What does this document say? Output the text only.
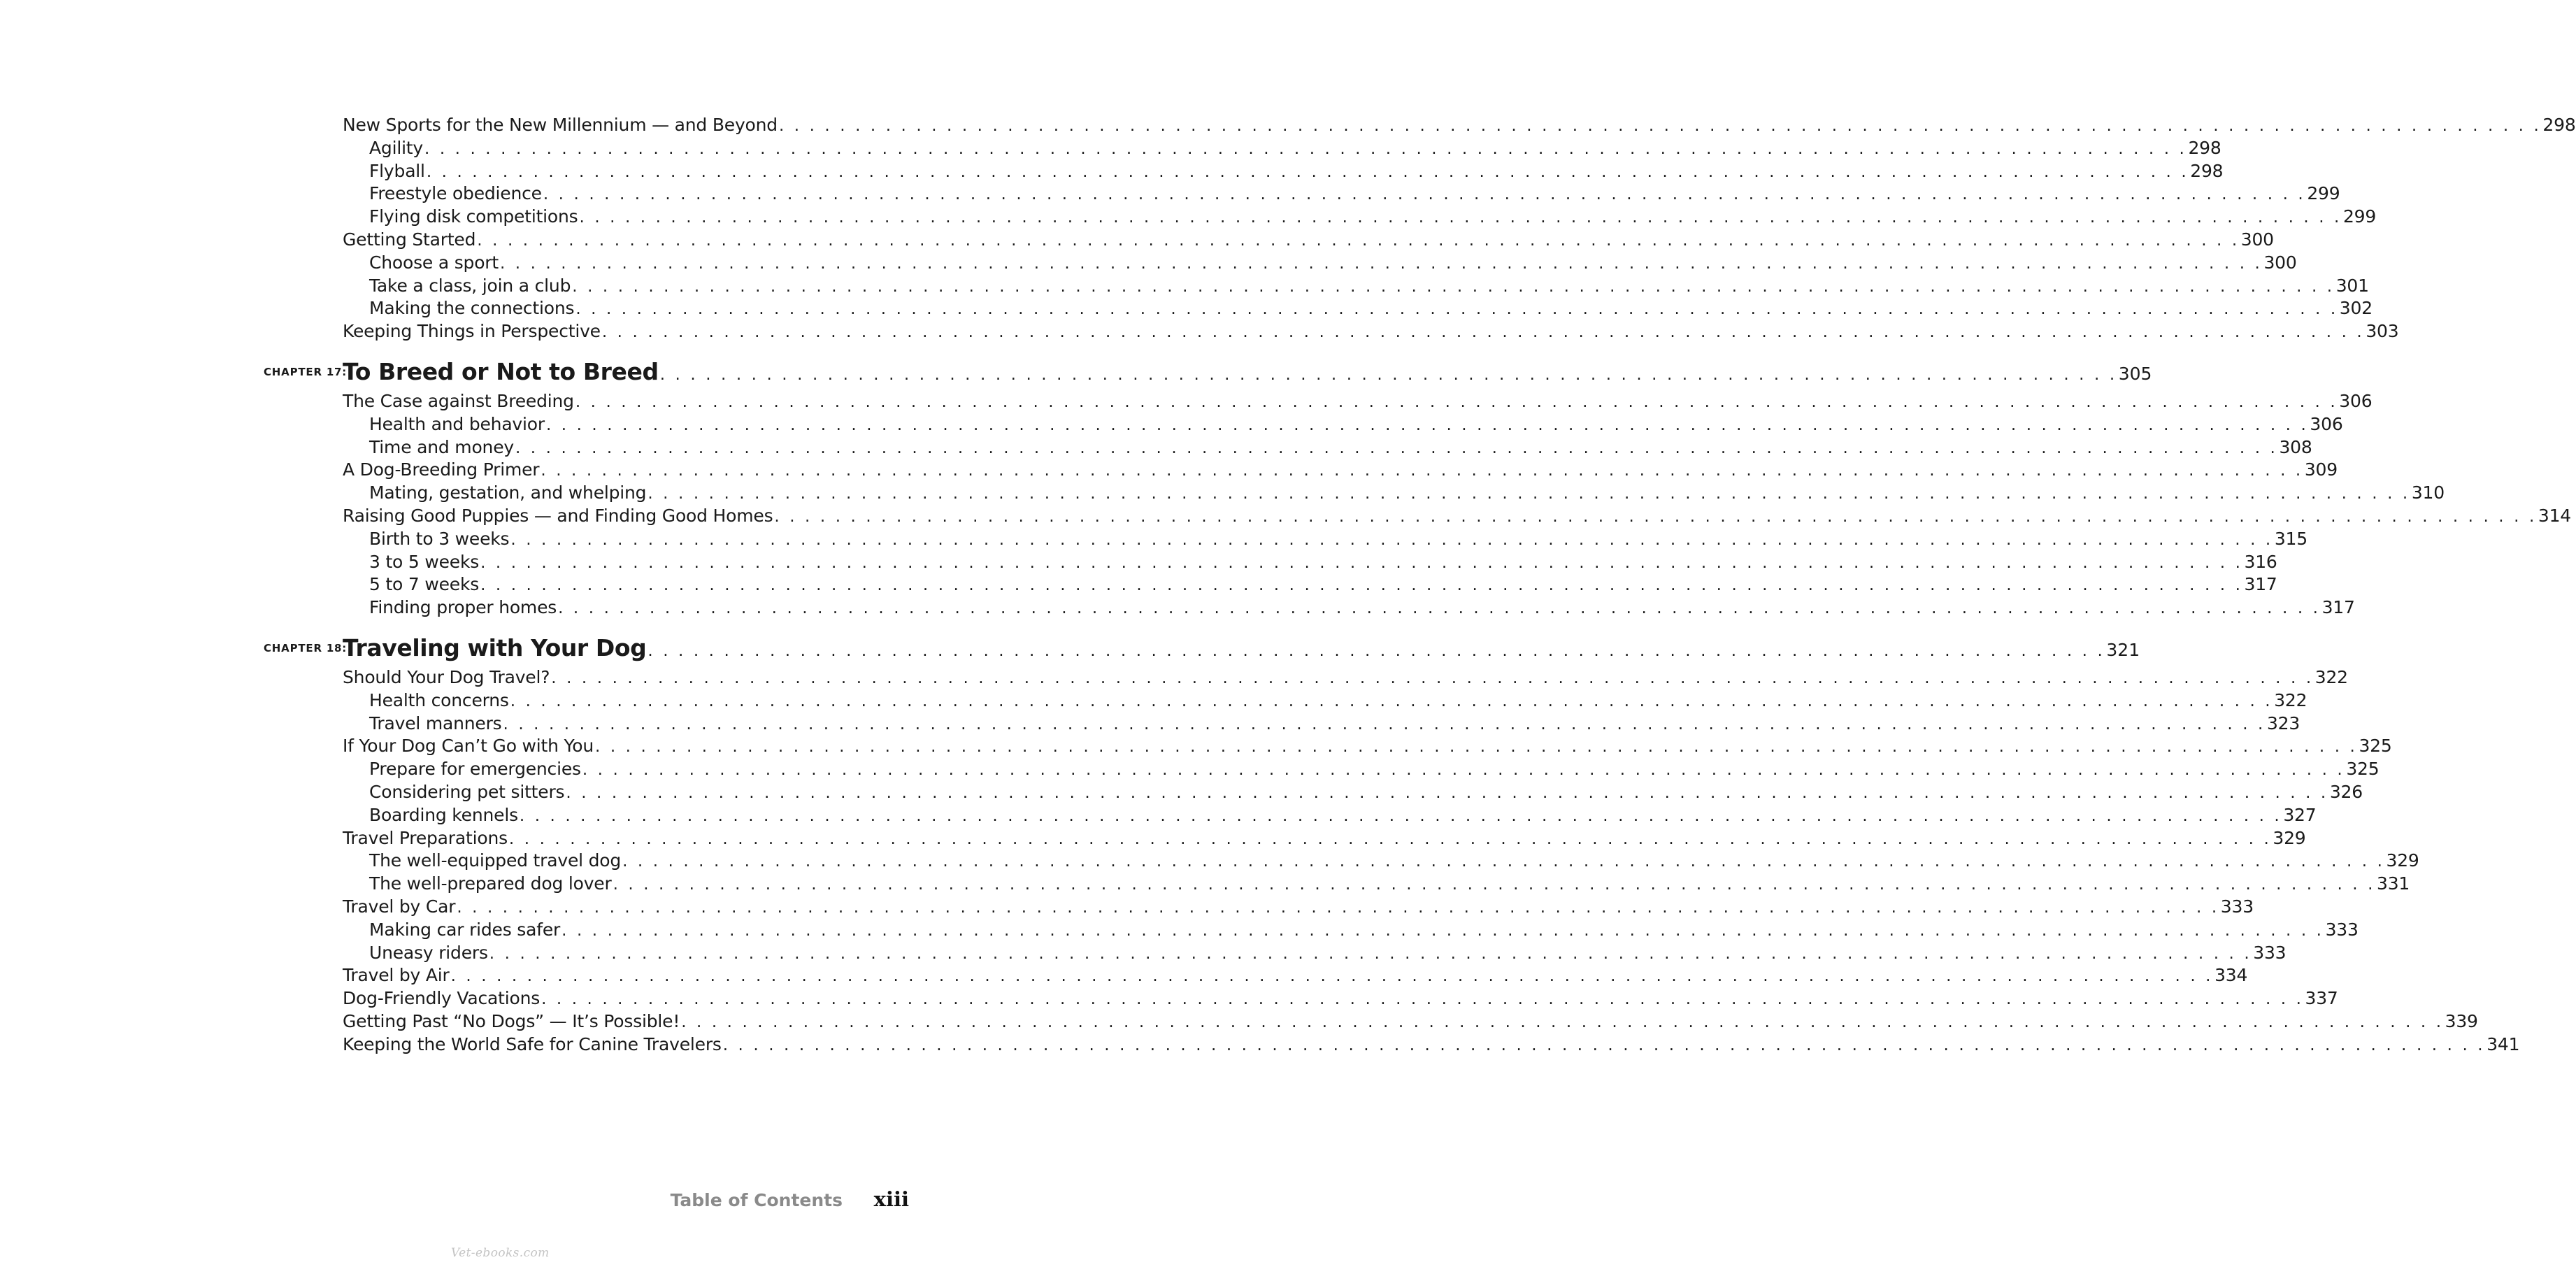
New Sports for the New Millennium — and Beyond . . .	298
Agility . . .	298
Flyball . . .	298
Freestyle obedience . . .	299
Flying disk competitions . . .	299
Getting Started . . .	300
Choose a sport . . .	300
Take a class, join a club . . .	301
Making the connections . . .	302
Keeping Things in Perspective . . .	303
CHAPTER 17:
To Breed or Not to Breed . . .	305
The Case against Breeding . . .	306
Health and behavior . . .	306
Time and money . . .	308
A Dog-Breeding Primer . . .	309
Mating, gestation, and whelping . . .	310
Raising Good Puppies — and Finding Good Homes . . .	314
Birth to 3 weeks . . .	315
3 to 5 weeks . . .	316
5 to 7 weeks . . .	317
Finding proper homes . . .	317
CHAPTER 18:
Traveling with Your Dog . . .	321
Should Your Dog Travel? . . .	322
Health concerns . . .	322
Travel manners . . .	323
If Your Dog Can’t Go with You . . .	325
Prepare for emergencies . . .	325
Considering pet sitters . . .	326
Boarding kennels . . .	327
Travel Preparations . . .	329
The well-equipped travel dog . . .	329
The well-prepared dog lover . . .	331
Travel by Car . . .	333
Making car rides safer . . .	333
Uneasy riders . . .	333
Travel by Air . . .	334
Dog-Friendly Vacations . . .	337
Getting Past “No Dogs” — It’s Possible! . . .	339
Keeping the World Safe for Canine Travelers . . .	341
Table of Contents xiii
Vet-ebooks.com
